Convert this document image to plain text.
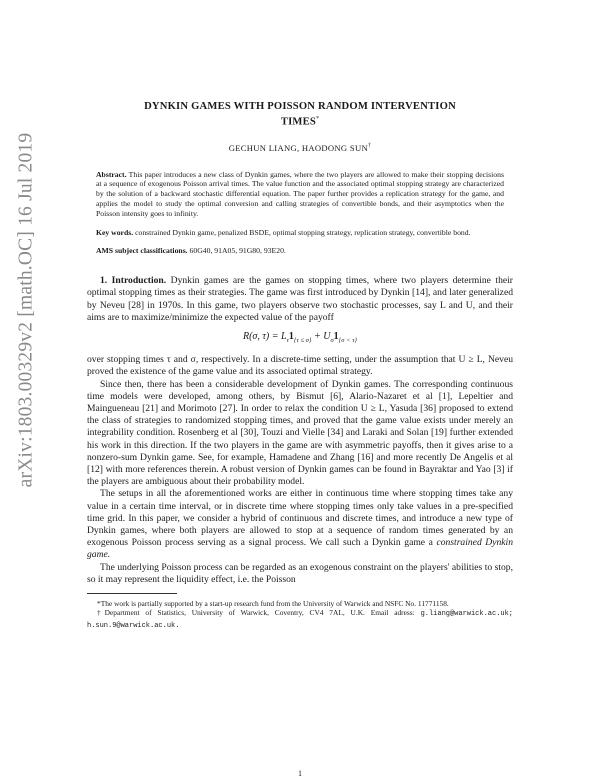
arXiv:1803.00329v2 [math.OC] 16 Jul 2019
DYNKIN GAMES WITH POISSON RANDOM INTERVENTION
TIMES*
GECHUN LIANG, HAODONG SUN†

Abstract. This paper introduces a new class of Dynkin games, where the two players are allowed to make their stopping decisions at a sequence of exogenous Poisson arrival times. The value function and the associated optimal stopping strategy are characterized by the solution of a backward stochastic differential equation. The paper further provides a replication strategy for the game, and applies the model to study the optimal conversion and calling strategies of convertible bonds, and their asymptotics when the Poisson intensity goes to infinity.

Key words. constrained Dynkin game, penalized BSDE, optimal stopping strategy, replication strategy, convertible bond.

AMS subject classifications. 60G40, 91A05, 91G80, 93E20.

1. Introduction. Dynkin games are the games on stopping times, where two players determine their optimal stopping times as their strategies. The game was first introduced by Dynkin [14], and later generalized by Neveu [28] in 1970s. In this game, two players observe two stochastic processes, say L and U, and their aims are to maximize/minimize the expected value of the payoff

R(σ, $\tau) = L_\tau 1_{\{\tau \le \sigma\}} + U_\sigma 1_{\{\sigma < \tau\}}$

over stopping times τ and σ, respectively. In a discrete-time setting, under the assumption that U ≥ L, Neveu proved the existence of the game value and its associated optimal strategy.

Since then, there has been a considerable development of Dynkin games. The corresponding continuous time models were developed, among others, by Bismut [6], Alario-Nazaret et al [1], Lepeltier and Maingueneau [21] and Morimoto [27]. In order to relax the condition U ≥ L, Yasuda [36] proposed to extend the class of strategies to randomized stopping times, and proved that the game value exists under merely an integrability condition. Rosenberg et al [30], Touzi and Vielle [34] and Laraki and Solan [19] further extended his work in this direction. If the two players in the game are with asymmetric payoffs, then it gives arise to a nonzero-sum Dynkin game. See, for example, Hamadene and Zhang [16] and more recently De Angelis et al [12] with more references therein. A robust version of Dynkin games can be found in Bayraktar and Yao [3] if the players are ambiguous about their probability model.

The setups in all the aforementioned works are either in continuous time where stopping times take any value in a certain time interval, or in discrete time where stopping times only take values in a pre-specified time grid. In this paper, we consider a hybrid of continuous and discrete times, and introduce a new type of Dynkin games, where both players are allowed to stop at a sequence of random times generated by an exogenous Poisson process serving as a signal process. We call such a Dynkin game a constrained Dynkin game.

The underlying Poisson process can be regarded as an exogenous constraint on the players' abilities to stop, so it may represent the liquidity effect, i.e. the Poisson

*The work is partially supported by a start-up research fund from the University of Warwick and NSFC No. 11771158.

†Department of Statistics, University of Warwick, Coventry, CV4 7AL, U.K. Email adress: g.liang@warwick.ac.uk; h.sun.9@warwick.ac.uk.

1
